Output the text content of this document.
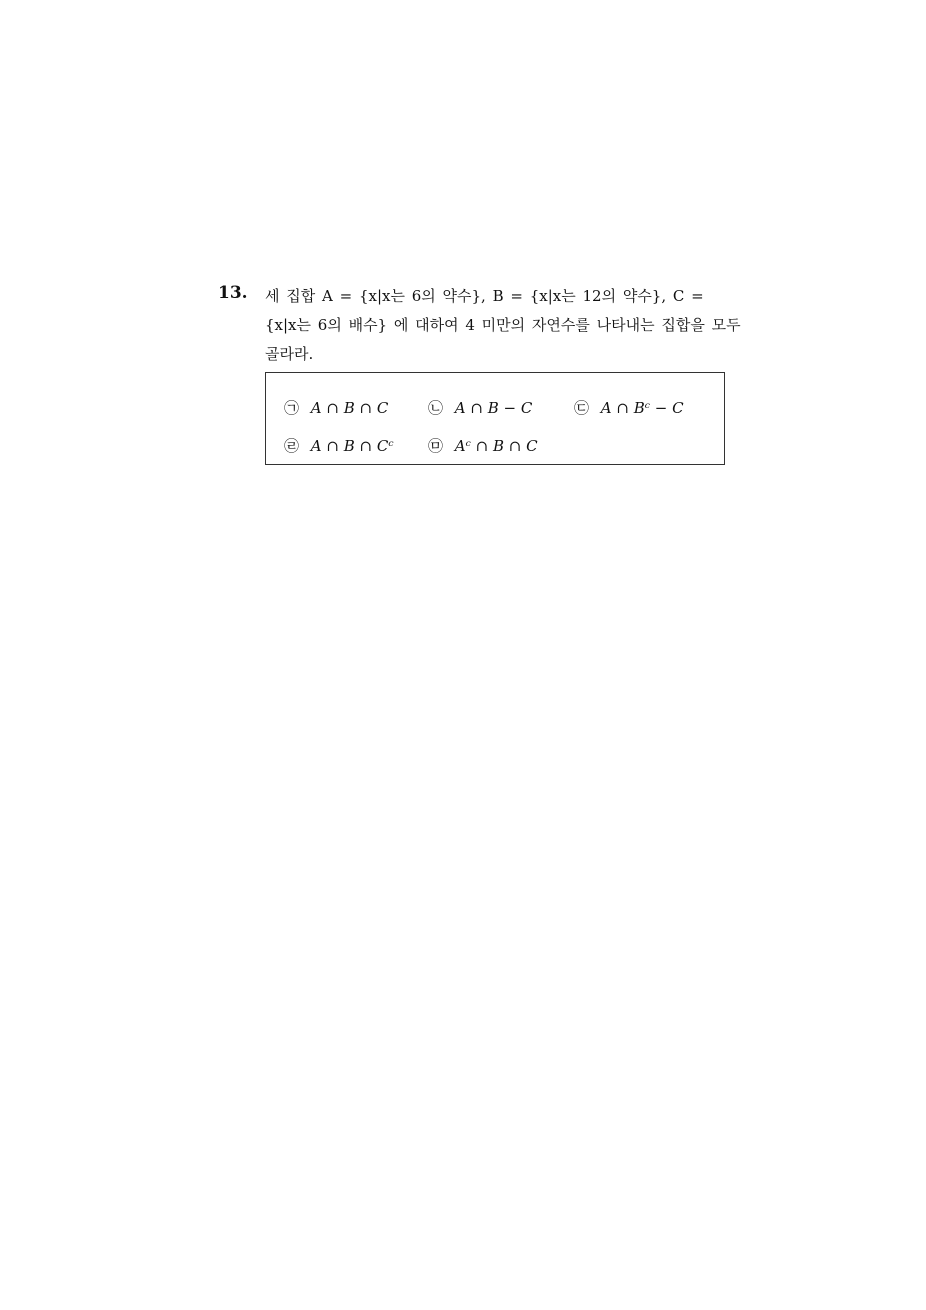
13. 세 집합 A = {x|x는 6의 약수}, B = {x|x는 12의 약수}, C =
{x|x는 6의 배수} 에 대하여 4 미만의 자연수를 나타내는 집합을 모두
골라라.
㉠ A ∩ B ∩ C	㉡ A ∩ B − C	㉢ A ∩ Bᶜ − C
㉣ A ∩ B ∩ Cᶜ ㉤ Aᶜ ∩ B ∩ C
